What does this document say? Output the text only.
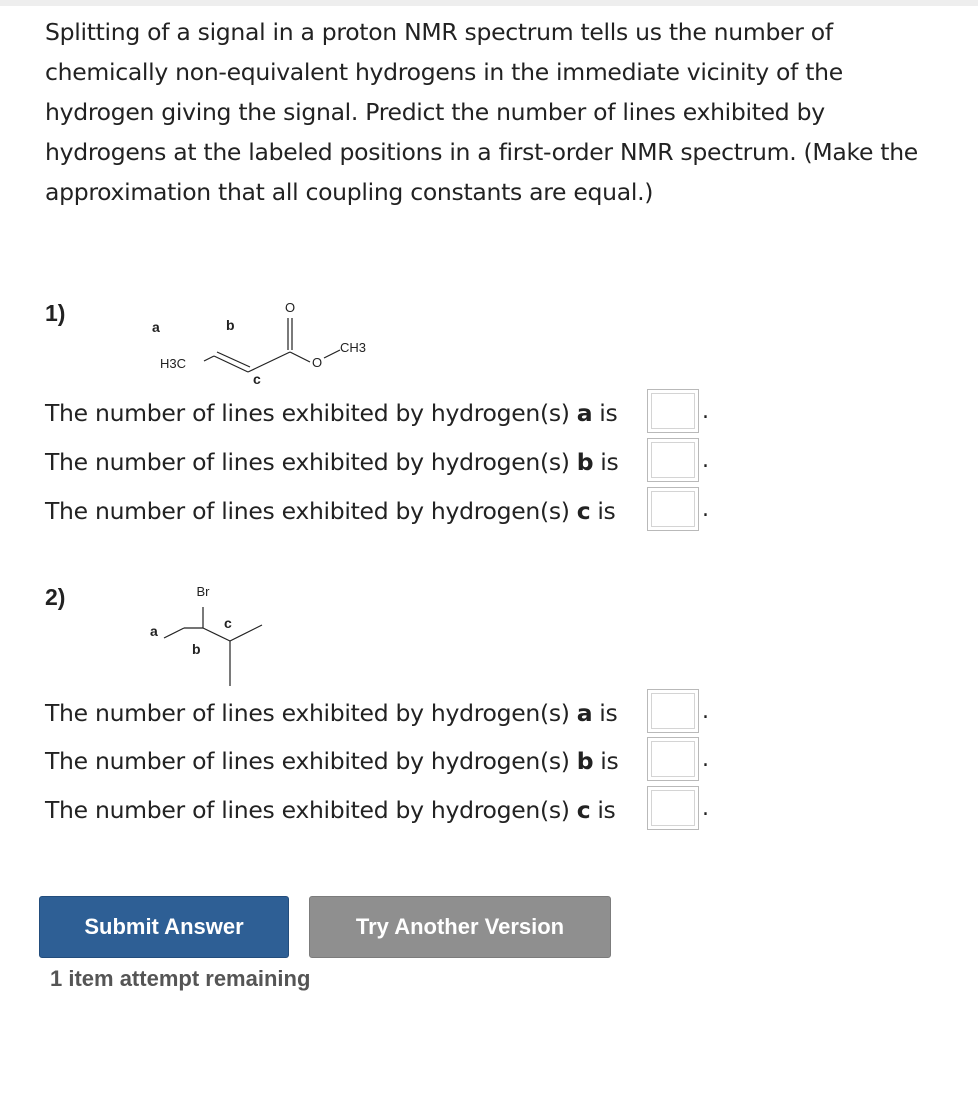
Splitting of a signal in a proton NMR spectrum tells us the number of chemically non-equivalent hydrogens in the immediate vicinity of the hydrogen giving the signal. Predict the number of lines exhibited by hydrogens at the labeled positions in a first-order NMR spectrum. (Make the approximation that all coupling constants are equal.)
1)	O
O
H3C
CH3
a	b
c
The number of lines exhibited by hydrogen(s) a is	.
The number of lines exhibited by hydrogen(s) b is	.
The number of lines exhibited by hydrogen(s) c is	.
2)	Br
a
b
c
The number of lines exhibited by hydrogen(s) a is	.
The number of lines exhibited by hydrogen(s) b is	.
The number of lines exhibited by hydrogen(s) c is	.
Submit Answer	Try Another Version
1 item attempt remaining
